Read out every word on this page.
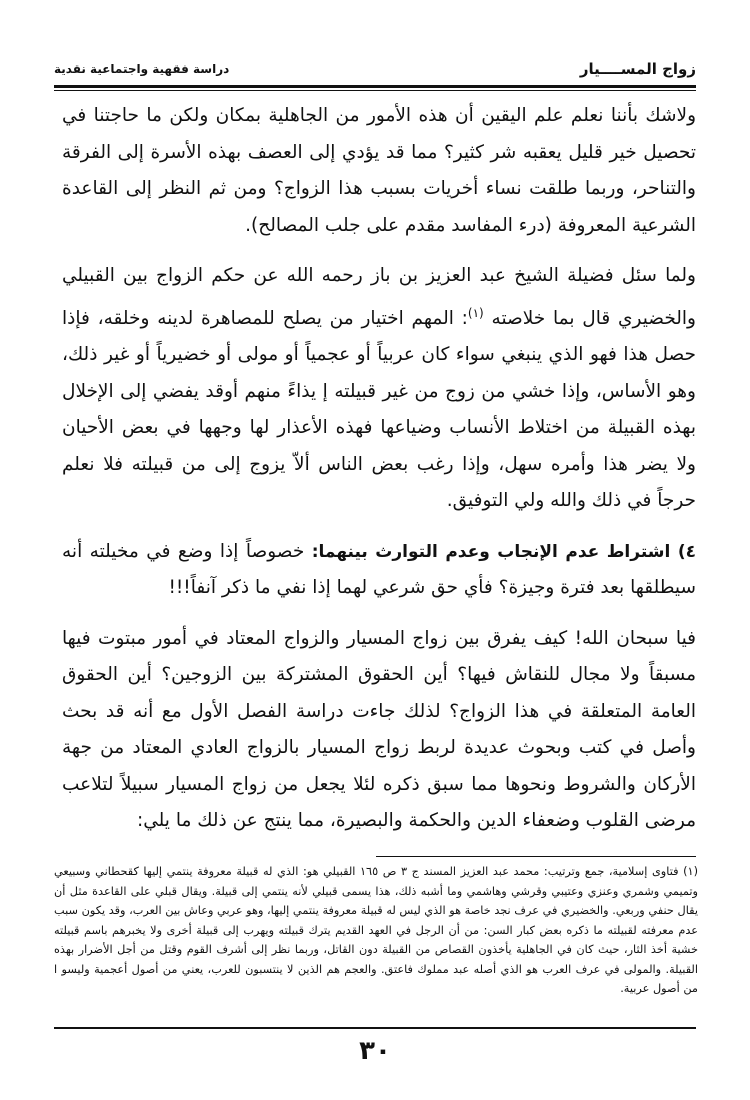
زواج المســــيار
دراسة فقهية واجتماعية نقدية

ولاشك بأننا نعلم علم اليقين أن هذه الأمور من الجاهلية بمكان ولكن ما حاجتنا في تحصيل خير قليل يعقبه شر كثير؟ مما قد يؤدي إلى العصف بهذه الأسرة إلى الفرقة والتناحر، وربما طلقت نساء أخريات بسبب هذا الزواج؟ ومن ثم النظر إلى القاعدة الشرعية المعروفة (درء المفاسد مقدم على جلب المصالح).

ولما سئل فضيلة الشيخ عبد العزيز بن باز رحمه الله عن حكم الزواج بين القبيلي والخضيري قال بما خلاصته $^{(١)}$: المهم اختيار من يصلح للمصاهرة لدينه وخلقه، فإذا حصل هذا فهو الذي ينبغي سواء كان عربياً أو عجمياً أو مولى أو خضيرياً أو غير ذلك، وهو الأساس، وإذا خشي من زوج من غير قبيلته إ يذاءً منهم أوقد يفضي إلى الإخلال بهذه القبيلة من اختلاط الأنساب وضياعها فهذه الأعذار لها وجهها في بعض الأحيان ولا يضر هذا وأمره سهل، وإذا رغب بعض الناس ألاّ يزوج إلى من قبيلته فلا نعلم حرجاً في ذلك والله ولي التوفيق.

٤) اشتراط عدم الإنجاب وعدم التوارث بينهما: خصوصاً إذا وضع في مخيلته أنه سيطلقها بعد فترة وجيزة؟ فأي حق شرعي لهما إذا نفي ما ذكر آنفاً!!!

فيا سبحان الله! كيف يفرق بين زواج المسيار والزواج المعتاد في أمور مبتوت فيها مسبقاً ولا مجال للنقاش فيها؟ أين الحقوق المشتركة بين الزوجين؟ أين الحقوق العامة المتعلقة في هذا الزواج؟ لذلك جاءت دراسة الفصل الأول مع أنه قد بحث وأصل في كتب وبحوث عديدة لربط زواج المسيار بالزواج العادي المعتاد من جهة الأركان والشروط ونحوها مما سبق ذكره لئلا يجعل من زواج المسيار سبيلاً لتلاعب مرضى القلوب وضعفاء الدين والحكمة والبصيرة، مما ينتج عن ذلك ما يلي:

(١) فتاوى إسلامية، جمع وترتيب: محمد عبد العزيز المسند ج ٣ ص ١٦٥ القبيلي هو: الذي له قبيلة معروفة ينتمي إليها كقحطاني وسبيعي وتميمي وشمري وعنزي وعتيبي وقرشي وهاشمي وما أشبه ذلك، هذا يسمى قبيلي لأنه ينتمي إلى قبيلة. ويقال قبلي على القاعدة مثل أن يقال حنفي وربعي. والخضيري في عرف نجد خاصة هو الذي ليس له قبيلة معروفة ينتمي إليها، وهو عربي وعاش بين العرب، وقد يكون سبب عدم معرفته لقبيلته ما ذكره بعض كبار السن: من أن الرجل في العهد القديم يترك قبيلته ويهرب إلى قبيلة أخرى ولا يخبرهم باسم قبيلته خشية أخذ الثار، حيث كان في الجاهلية يأخذون القصاص من القبيلة دون القاتل، وربما نظر إلى أشرف القوم وقتل من أجل الأضرار بهذه القبيلة. والمولى في عرف العرب هو الذي أصله عبد مملوك فاعتق. والعجم هم الذين لا ينتسبون للعرب، يعني من أصول أعجمية وليسو ا من أصول عربية.

٣٠
